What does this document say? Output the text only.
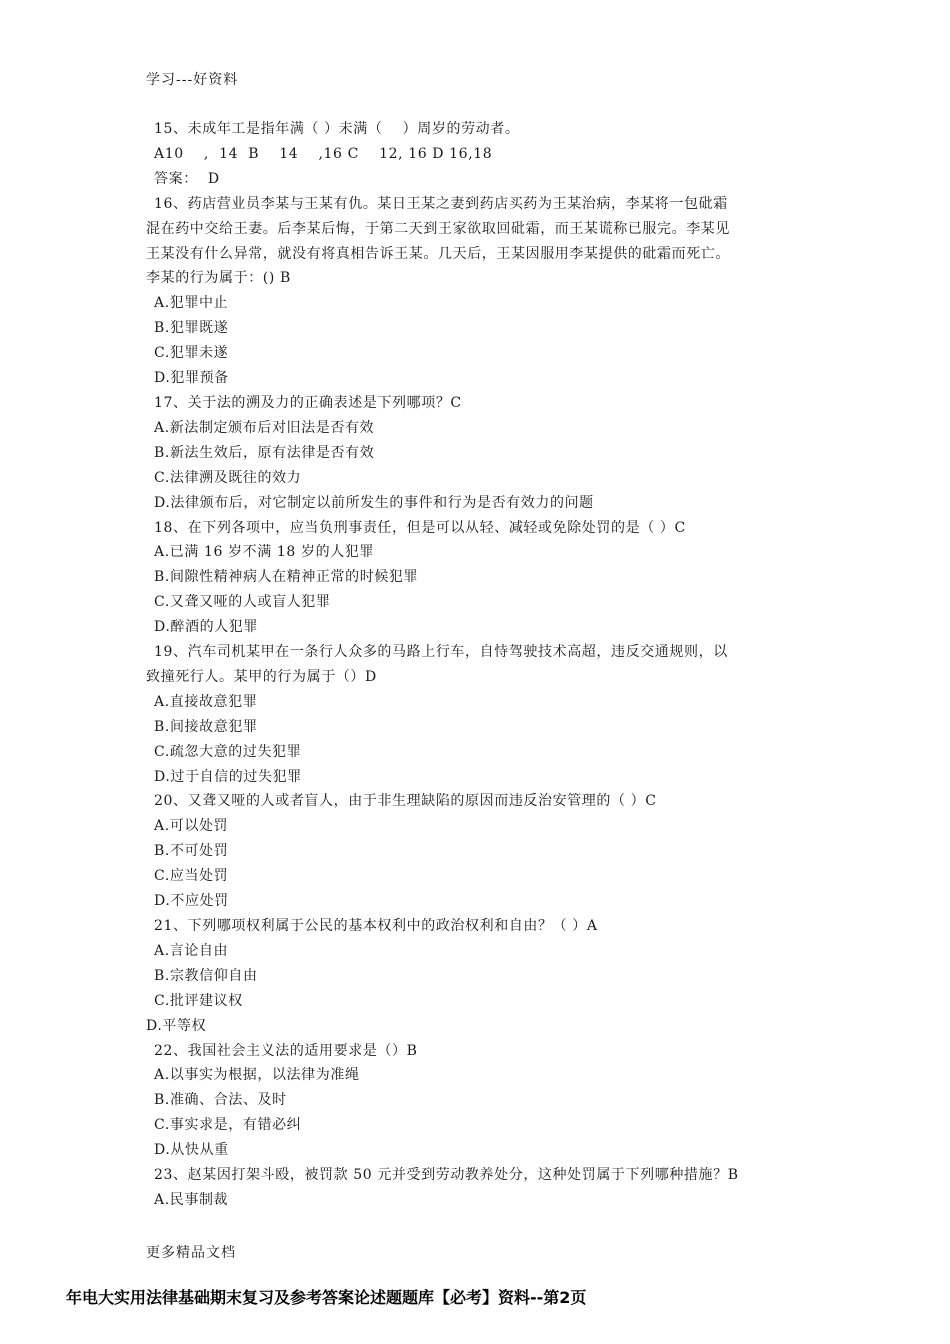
学习---好资料
15、未成年工是指年满（ ）未满（    ）周岁的劳动者。
A10    ,  14  B    14    ,16 C    12, 16 D 16,18
答案：  D
16、药店营业员李某与王某有仇。某日王某之妻到药店买药为王某治病，李某将一包砒霜
混在药中交给王妻。后李某后悔，于第二天到王家欲取回砒霜，而王某谎称已服完。李某见
王某没有什么异常，就没有将真相告诉王某。几天后，王某因服用李某提供的砒霜而死亡。
李某的行为属于：() B
A.犯罪中止
B.犯罪既遂
C.犯罪未遂
D.犯罪预备
17、关于法的溯及力的正确表述是下列哪项？C
A.新法制定颁布后对旧法是否有效
B.新法生效后，原有法律是否有效
C.法律溯及既往的效力
D.法律颁布后，对它制定以前所发生的事件和行为是否有效力的问题
18、在下列各项中，应当负刑事责任，但是可以从轻、减轻或免除处罚的是（ ）C
A.已满 16 岁不满 18 岁的人犯罪
B.间隙性精神病人在精神正常的时候犯罪
C.又聋又哑的人或盲人犯罪
D.醉酒的人犯罪
19、汽车司机某甲在一条行人众多的马路上行车，自恃驾驶技术高超，违反交通规则，以
致撞死行人。某甲的行为属于（）D
A.直接故意犯罪
B.间接故意犯罪
C.疏忽大意的过失犯罪
D.过于自信的过失犯罪
20、又聋又哑的人或者盲人，由于非生理缺陷的原因而违反治安管理的（ ）C
A.可以处罚
B.不可处罚
C.应当处罚
D.不应处罚
21、下列哪项权利属于公民的基本权利中的政治权利和自由？（ ）A
A.言论自由
B.宗教信仰自由
C.批评建议权
D.平等权
22、我国社会主义法的适用要求是（）B
A.以事实为根据，以法律为准绳
B.准确、合法、及时
C.事实求是，有错必纠
D.从快从重
23、赵某因打架斗殴，被罚款 50 元并受到劳动教养处分，这种处罚属于下列哪种措施？B
A.民事制裁
更多精品文档
年电大实用法律基础期末复习及参考答案论述题题库【必考】资料--第2页
